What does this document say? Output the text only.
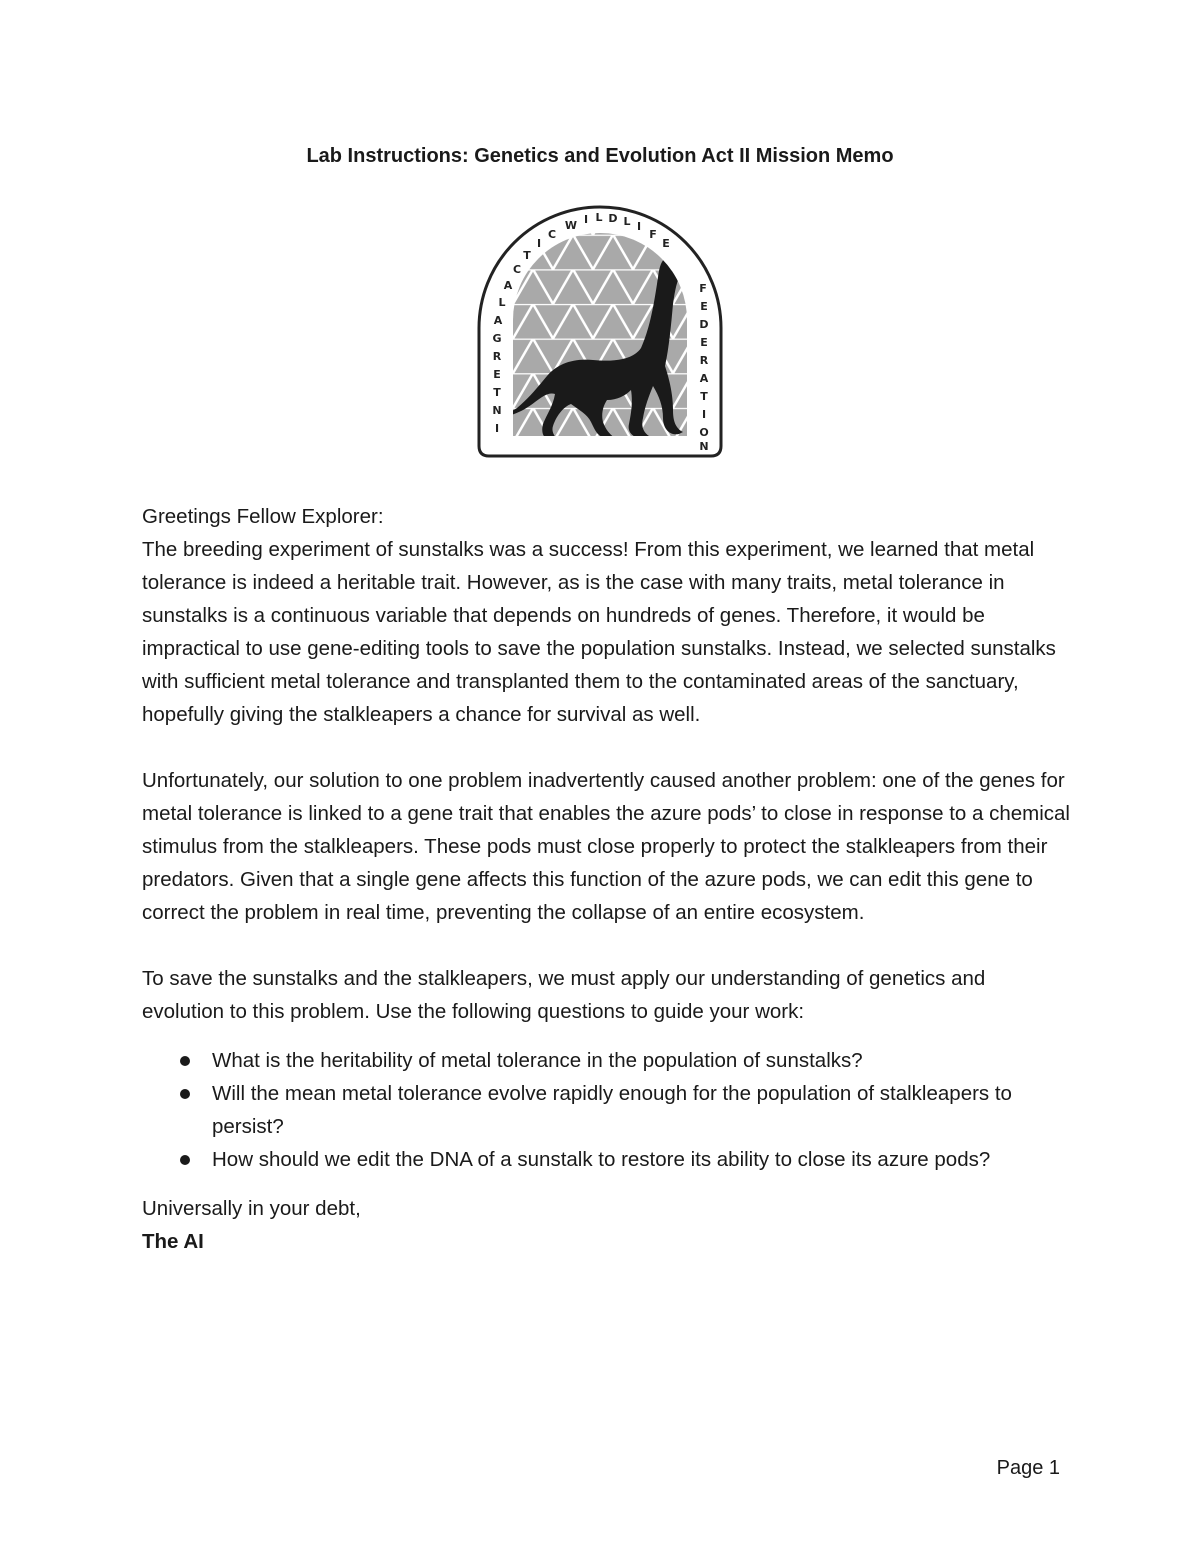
Lab Instructions: Genetics and Evolution Act II Mission Memo
I
N
T
E
R
G
A
L
A
C
T
I
C
W I L D L I
F
E
F
E
D
E
R
A
T
I
O
N

Greetings Fellow Explorer:

The breeding experiment of sunstalks was a success! From this experiment, we learned that metal tolerance is indeed a heritable trait. However, as is the case with many traits, metal tolerance in sunstalks is a continuous variable that depends on hundreds of genes. Therefore, it would be impractical to use gene-editing tools to save the population sunstalks. Instead, we selected sunstalks with sufficient metal tolerance and transplanted them to the contaminated areas of the sanctuary, hopefully giving the stalkleapers a chance for survival as well.

Unfortunately, our solution to one problem inadvertently caused another problem: one of the genes for metal tolerance is linked to a gene trait that enables the azure pods’ to close in response to a chemical stimulus from the stalkleapers. These pods must close properly to protect the stalkleapers from their predators. Given that a single gene affects this function of the azure pods, we can edit this gene to correct the problem in real time, preventing the collapse of an entire ecosystem.

To save the sunstalks and the stalkleapers, we must apply our understanding of genetics and evolution to this problem. Use the following questions to guide your work:

What is the heritability of metal tolerance in the population of sunstalks?
Will the mean metal tolerance evolve rapidly enough for the population of stalkleapers to persist?
How should we edit the DNA of a sunstalk to restore its ability to close its azure pods?

Universally in your debt,

The AI

Page 1
